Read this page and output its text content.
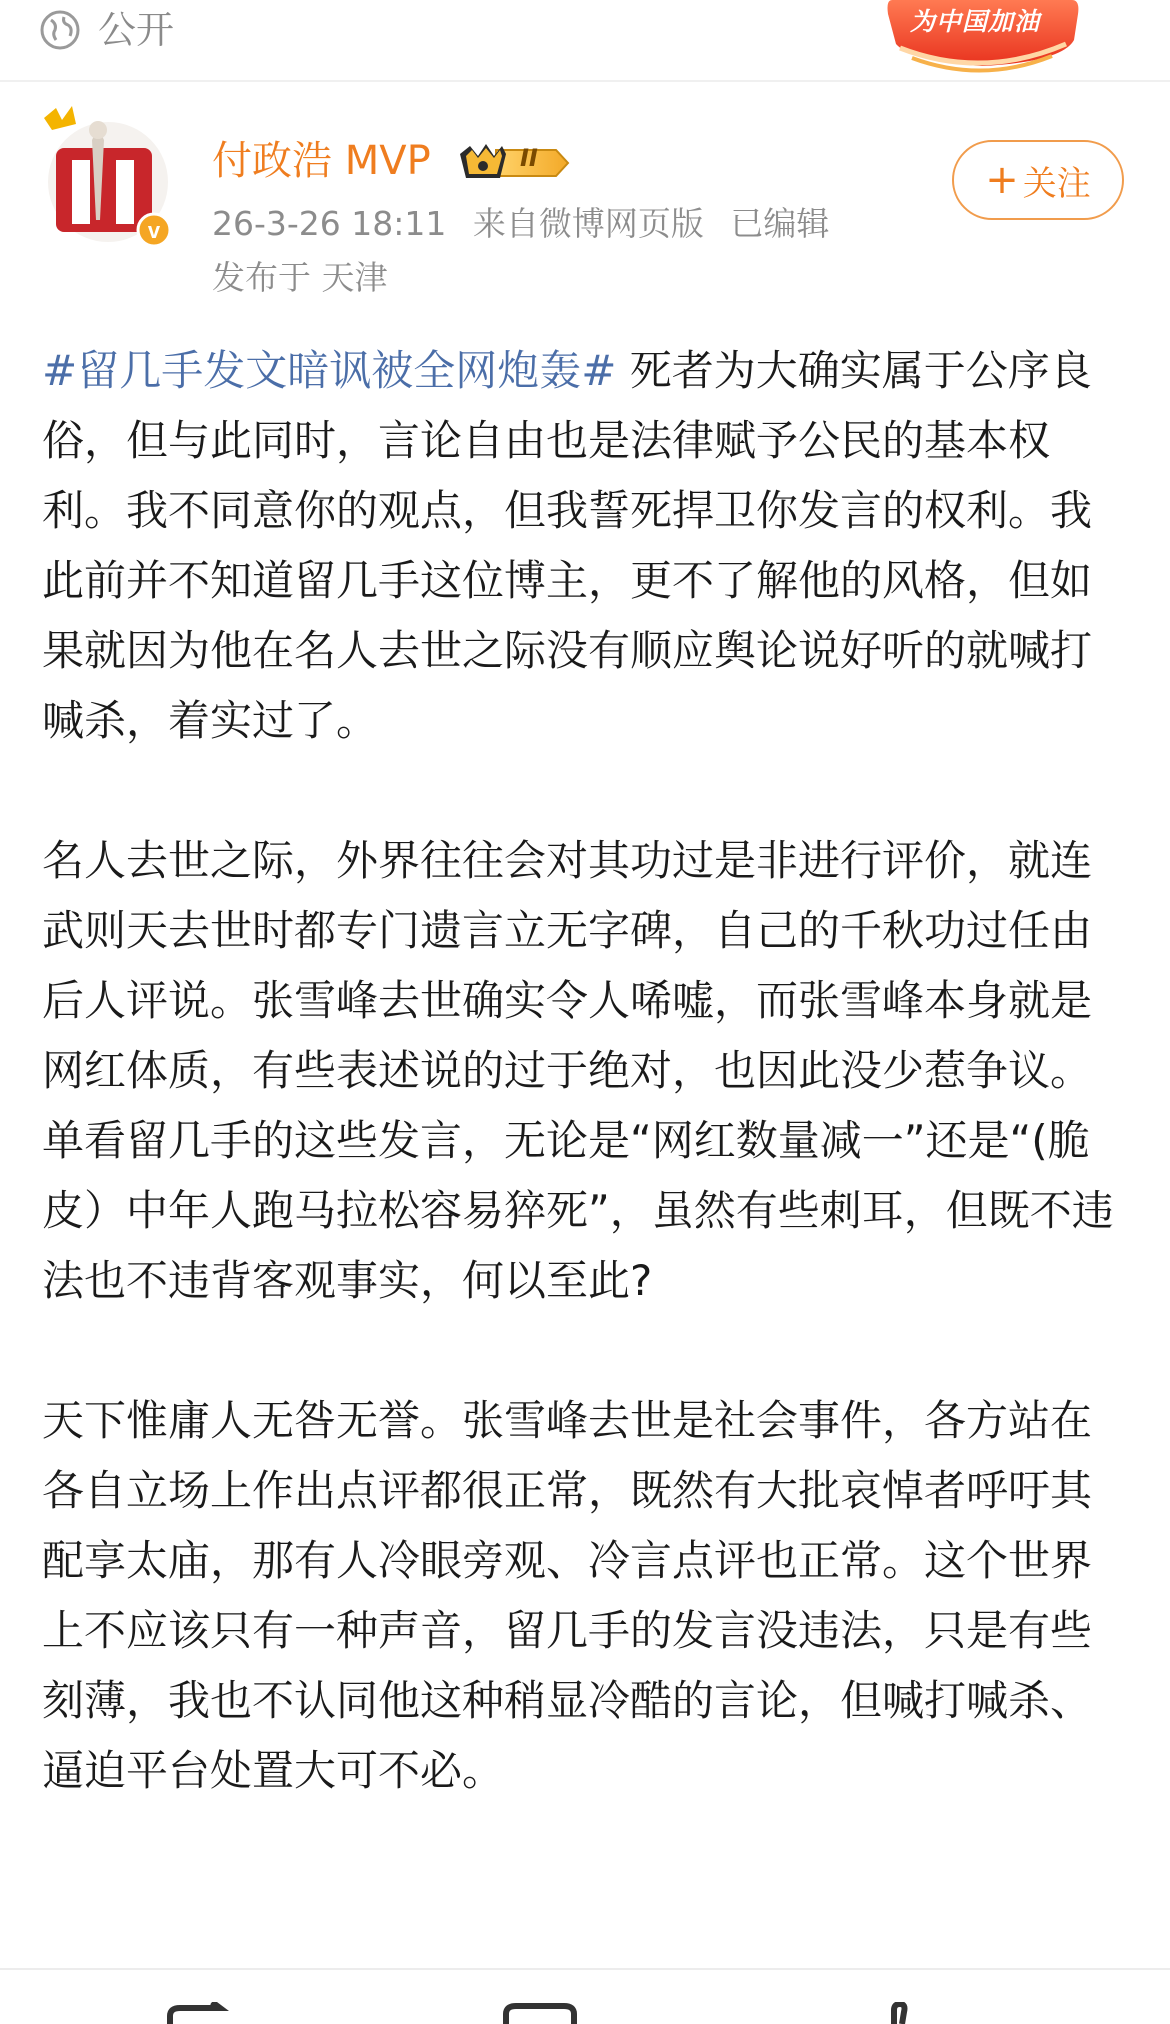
公开	为中国加油
v
付政浩 MVP	II
26-3-26 18:11 来自微博网页版 已编辑
发布于 天津
+ 关注

#留几手发文暗讽被全网炮轰# 死者为大确实属于公序良俗，但与此同时，言论自由也是法律赋予公民的基本权利。我不同意你的观点，但我誓死捍卫你发言的权利。我此前并不知道留几手这位博主，更不了解他的风格，但如果就因为他在名人去世之际没有顺应舆论说好听的就喊打喊杀，着实过了。

名人去世之际，外界往往会对其功过是非进行评价，就连武则天去世时都专门遗言立无字碑，自己的千秋功过任由后人评说。张雪峰去世确实令人唏嘘，而张雪峰本身就是网红体质，有些表述说的过于绝对，也因此没少惹争议。单看留几手的这些发言，无论是“网红数量减一”还是“(脆皮）中年人跑马拉松容易猝死”，虽然有些刺耳，但既不违法也不违背客观事实，何以至此?

天下惟庸人无咎无誉。张雪峰去世是社会事件，各方站在各自立场上作出点评都很正常，既然有大批哀悼者呼吁其配享太庙，那有人冷眼旁观、冷言点评也正常。这个世界上不应该只有一种声音，留几手的发言没违法，只是有些刻薄，我也不认同他这种稍显冷酷的言论，但喊打喊杀、逼迫平台处置大可不必。
